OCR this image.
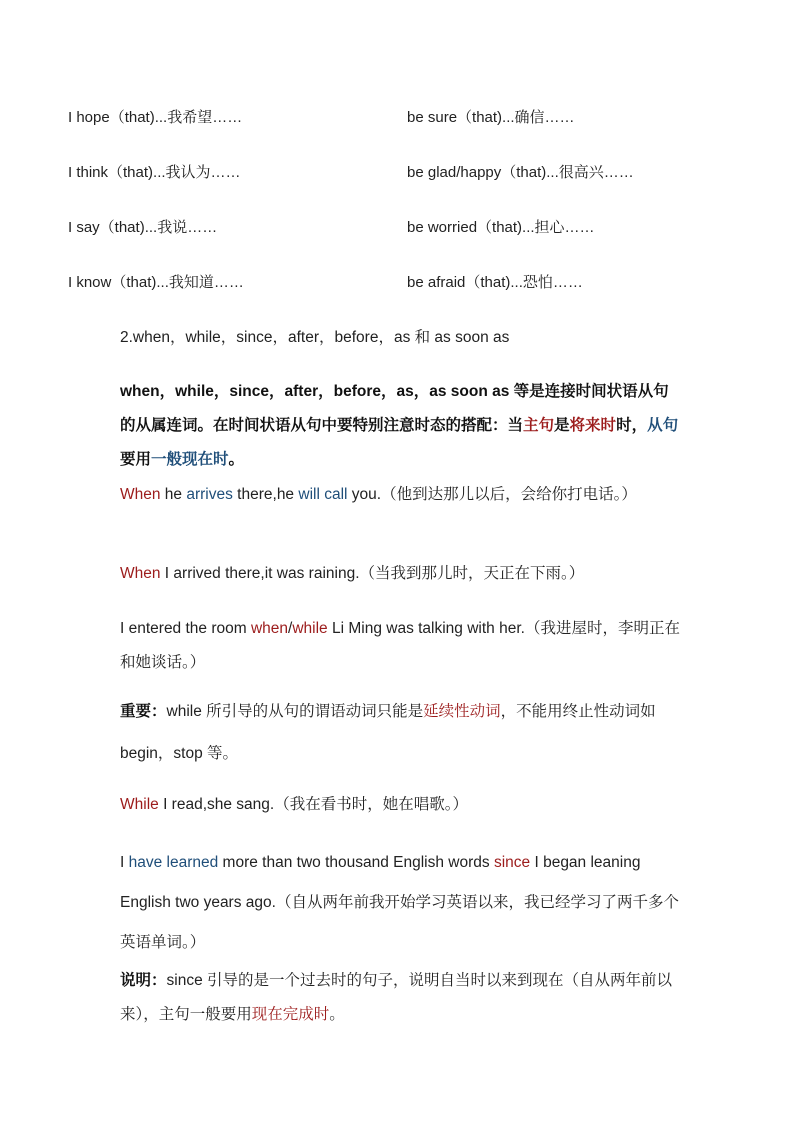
I hope（that)...我希望……	be sure（that)...确信……
I think（that)...我认为……	be glad/happy（that)...很高兴……
I say（that)...我说……	be worried（that)...担心……
I know（that)...我知道……	be afraid（that)...恐怕……

2.when，while，since，after，before，as 和 as soon as

when，while，since，after，before，as，as soon as 等是连接时间状语从句的从属连词。在时间状语从句中要特别注意时态的搭配：当主句是将来时时，从句要用一般现在时。

When he arrives there,he will call you.（他到达那儿以后，会给你打电话。）

When I arrived there,it was raining.（当我到那儿时，天正在下雨。）

I entered the room when/while Li Ming was talking with her.（我进屋时，李明正在和她谈话。）

重要：while 所引导的从句的谓语动词只能是延续性动词，不能用终止性动词如 begin，stop 等。

While I read,she sang.（我在看书时，她在唱歌。）

I have learned more than two thousand English words since I began leaning English two years ago.（自从两年前我开始学习英语以来，我已经学习了两千多个英语单词。）

说明：since 引导的是一个过去时的句子，说明自当时以来到现在（自从两年前以来），主句一般要用现在完成时。
